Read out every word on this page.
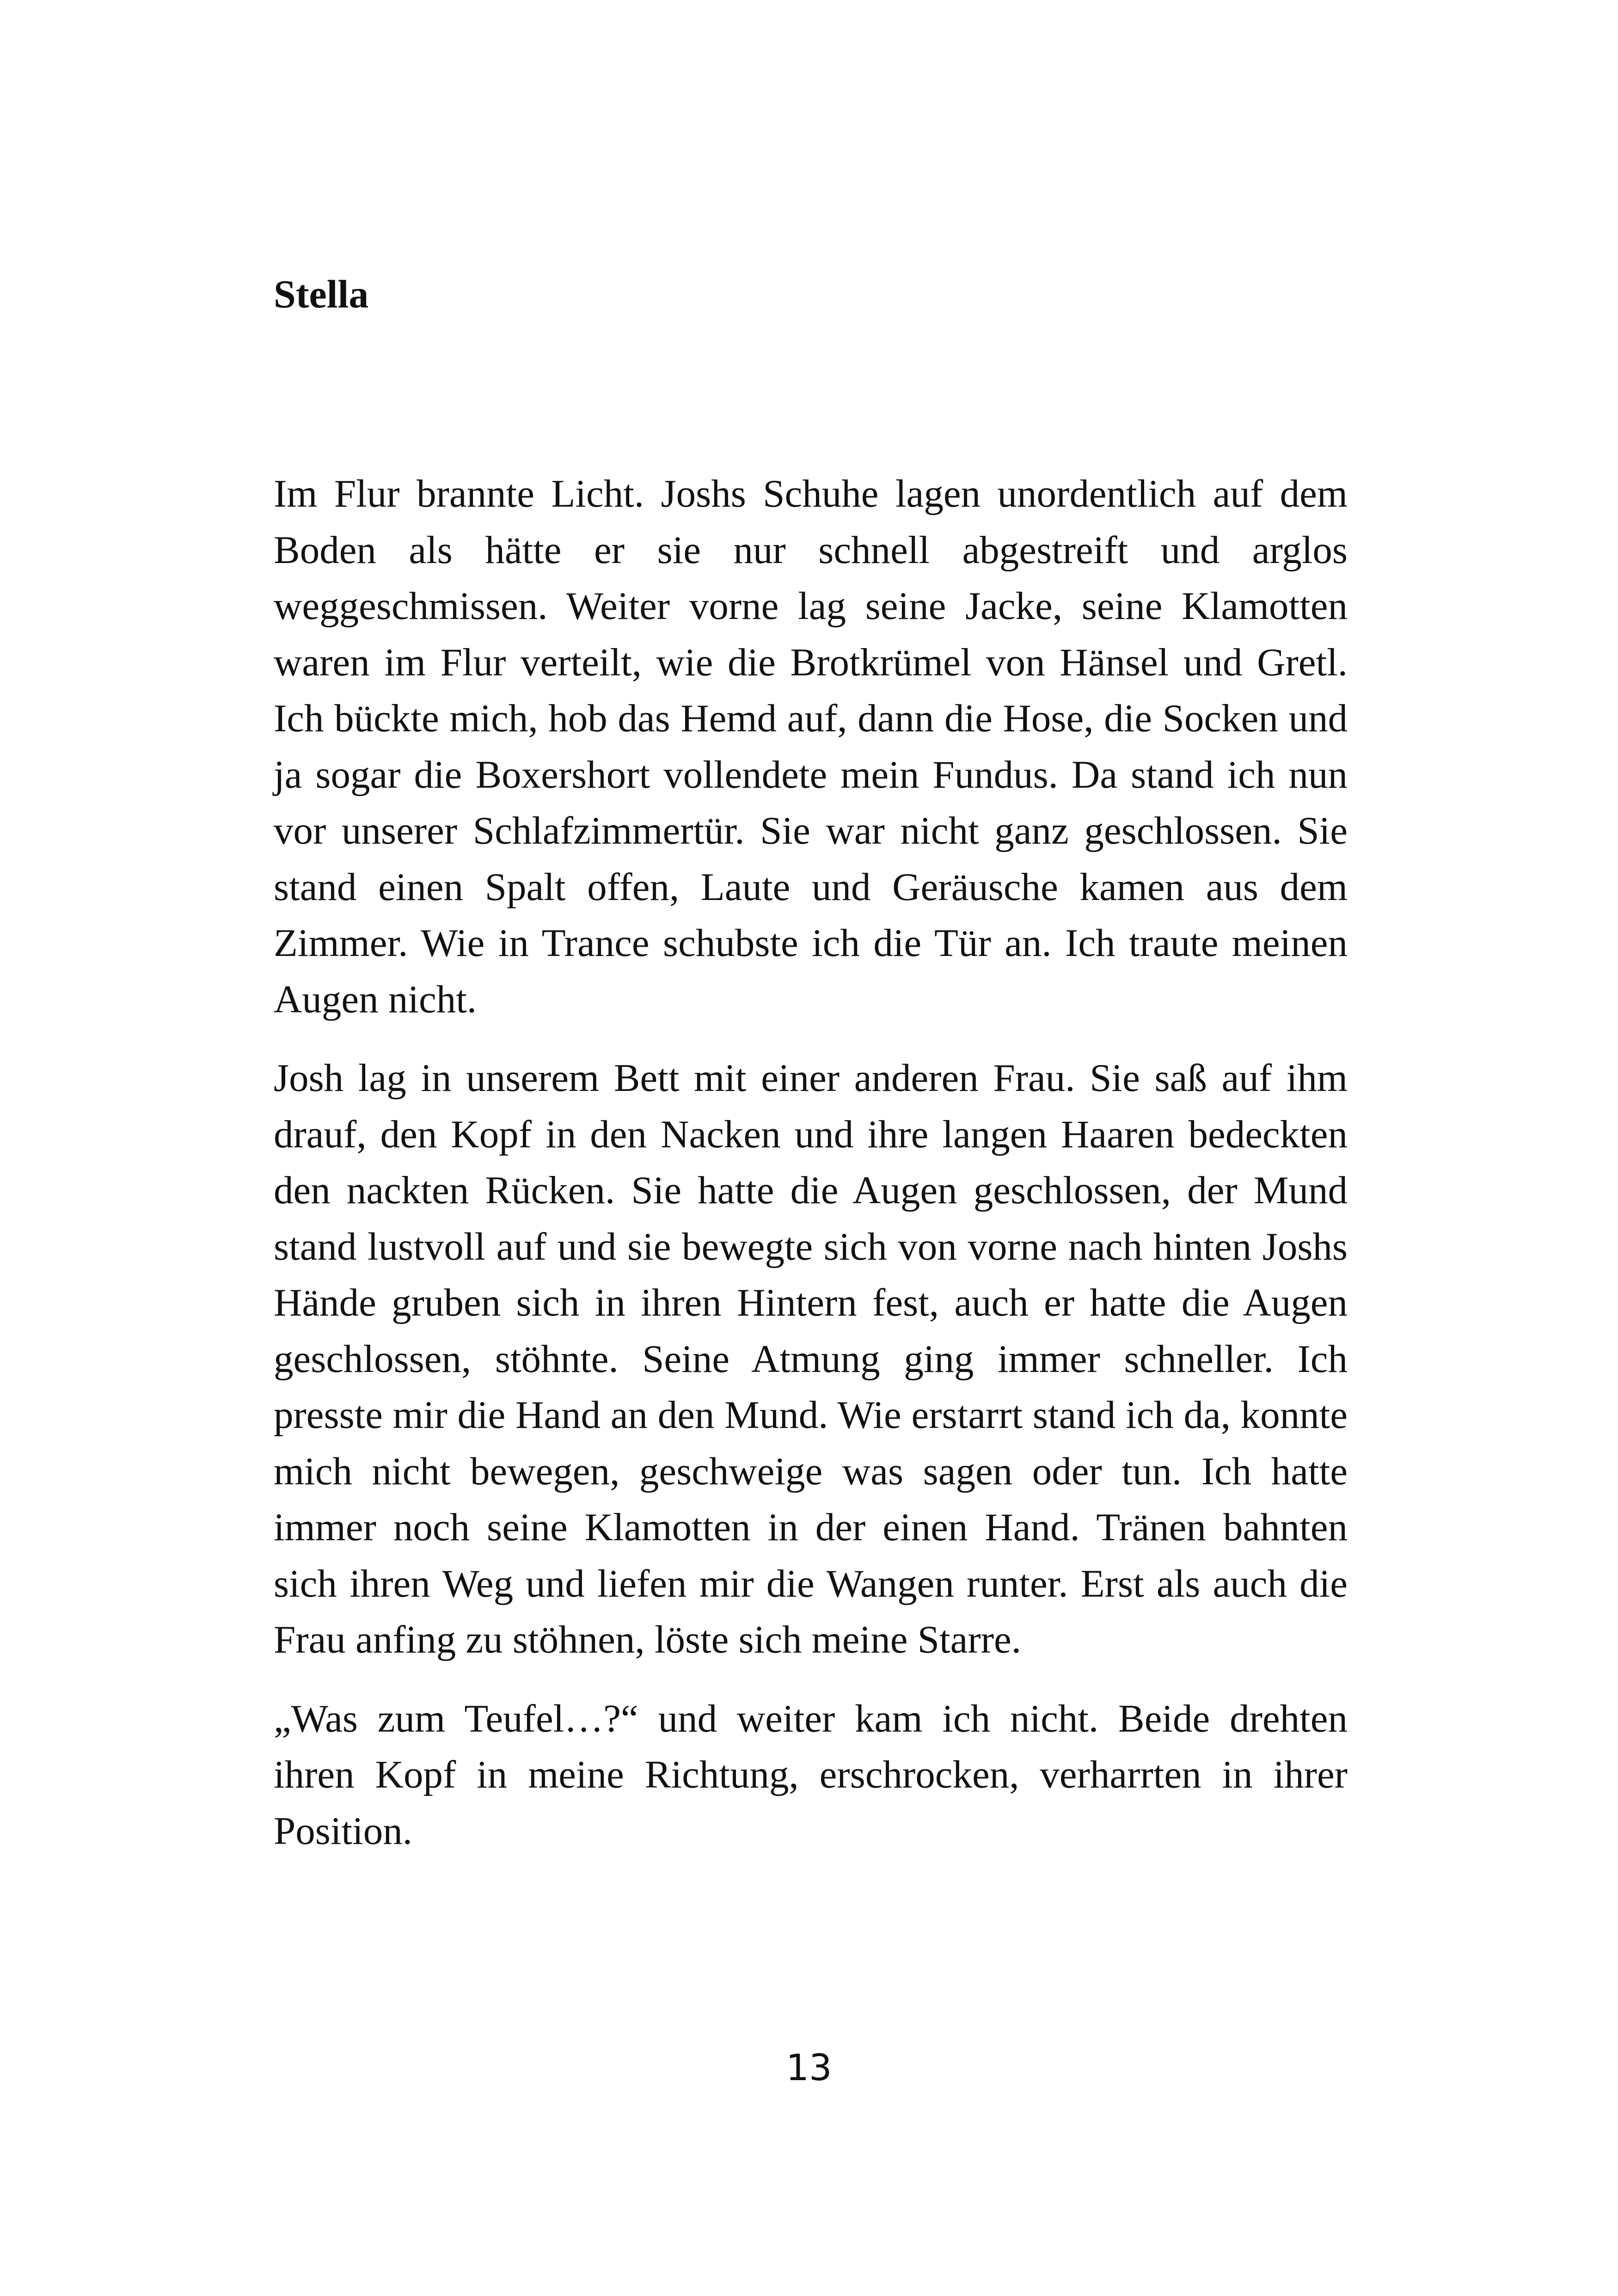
Stella

Im Flur brannte Licht. Joshs Schuhe lagen unordentlich auf dem Boden als hätte er sie nur schnell abgestreift und arglos weggeschmissen. Weiter vorne lag seine Jacke, seine Klamotten waren im Flur verteilt, wie die Brotkrümel von Hänsel und Gretl. Ich bückte mich, hob das Hemd auf, dann die Hose, die Socken und ja sogar die Boxershort vollendete mein Fundus. Da stand ich nun vor unserer Schlafzimmertür. Sie war nicht ganz geschlossen. Sie stand einen Spalt offen, Laute und Geräusche kamen aus dem Zimmer. Wie in Trance schubste ich die Tür an. Ich traute meinen Augen nicht.

Josh lag in unserem Bett mit einer anderen Frau. Sie saß auf ihm drauf, den Kopf in den Nacken und ihre langen Haaren bedeckten den nackten Rücken. Sie hatte die Augen geschlossen, der Mund stand lustvoll auf und sie bewegte sich von vorne nach hinten Joshs Hände gruben sich in ihren Hintern fest, auch er hatte die Augen geschlossen, stöhnte. Seine Atmung ging immer schneller. Ich presste mir die Hand an den Mund. Wie erstarrt stand ich da, konnte mich nicht bewegen, geschweige was sagen oder tun. Ich hatte immer noch seine Klamotten in der einen Hand. Tränen bahnten sich ihren Weg und liefen mir die Wangen runter. Erst als auch die Frau anfing zu stöhnen, löste sich meine Starre.

„Was zum Teufel…?“ und weiter kam ich nicht. Beide drehten ihren Kopf in meine Richtung, erschrocken, verharrten in ihrer Position.

13
